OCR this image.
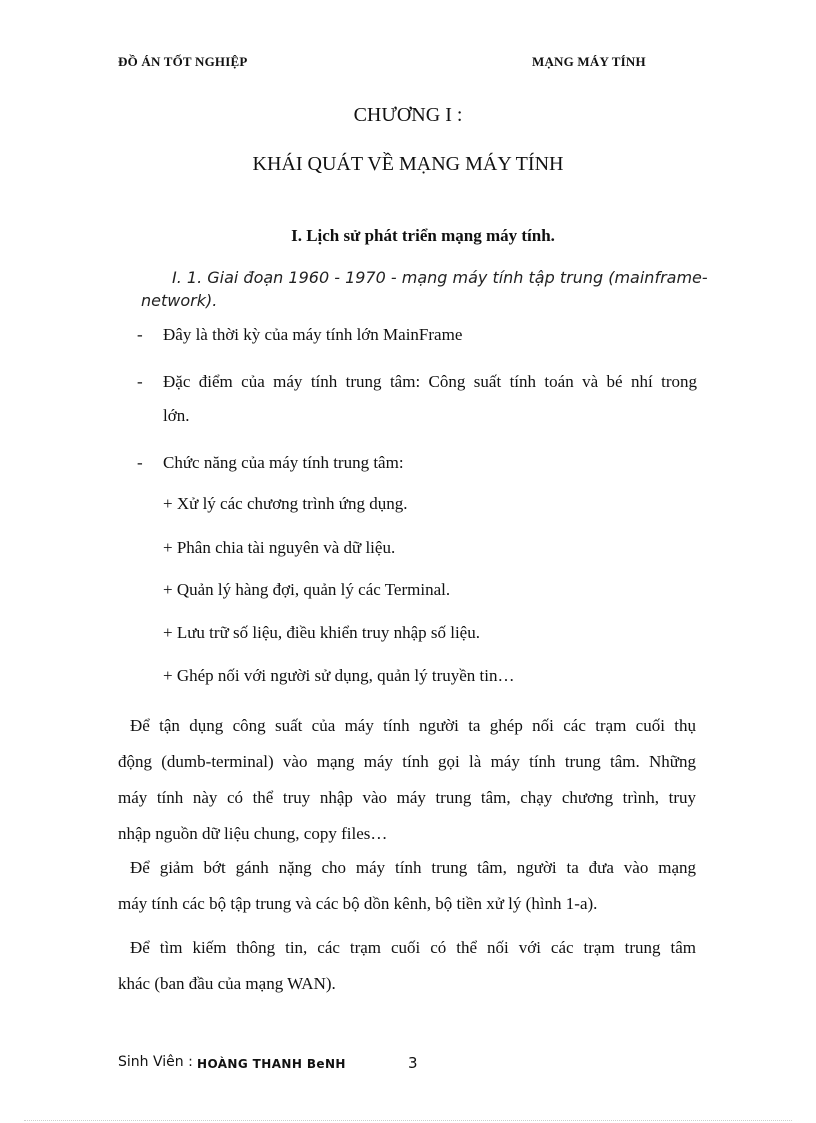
ĐỒ ÁN TỐT NGHIỆP	MẠNG MÁY TÍNH
CHƯƠNG I :
KHÁI QUÁT VỀ MẠNG MÁY TÍNH
I. Lịch sử phát triển mạng máy tính.
I. 1. Giai đoạn 1960 - 1970 - mạng máy tính tập trung (mainframe-
network).
- Đây là thời kỳ của máy tính lớn MainFrame
- Đặc điểm của máy tính trung tâm: Công suất tính toán và bé nhí trong
lớn.
- Chức năng của máy tính trung tâm:
+ Xử lý các chương trình ứng dụng.
+ Phân chia tài nguyên và dữ liệu.
+ Quản lý hàng đợi, quản lý các Terminal.
+ Lưu trữ số liệu, điều khiển truy nhập số liệu.
+ Ghép nối với người sử dụng, quản lý truyền tin…
Để tận dụng công suất của máy tính người ta ghép nối các trạm cuối thụ
động (dumb-terminal) vào mạng máy tính gọi là máy tính trung tâm. Những
máy tính này có thể truy nhập vào máy trung tâm, chạy chương trình, truy
nhập nguồn dữ liệu chung, copy files…
Để giảm bớt gánh nặng cho máy tính trung tâm, người ta đưa vào mạng
máy tính các bộ tập trung và các bộ dồn kênh, bộ tiền xử lý (hình 1-a).
Để tìm kiếm thông tin, các trạm cuối có thể nối với các trạm trung tâm
khác (ban đầu của mạng WAN).
Sinh Viên : HOÀNG THANH BeNH	3
